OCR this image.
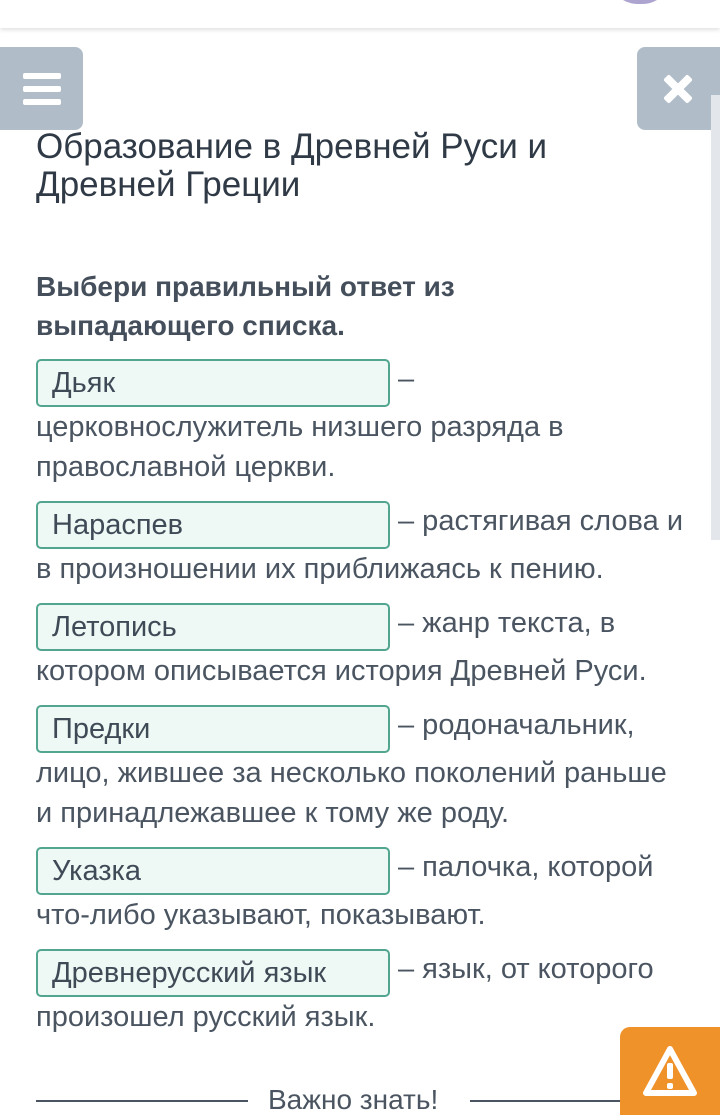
Образование в Древней Руси и Древней Греции
Выбери правильный ответ из выпадающего списка.
Дьяк	– церковнослужитель низшего разряда в православной церкви.
Нараспев	– растягивая слова и в произношении их приближаясь к пению.
Летопись	– жанр текста, в котором описывается история Древней Руси.
Предки	– родоначальник, лицо, жившее за несколько поколений раньше и принадлежавшее к тому же роду.
Указка	– палочка, которой что-либо указывают, показывают.
Древнерусский язык – язык, от которого произошел русский язык.
Важно знать!
